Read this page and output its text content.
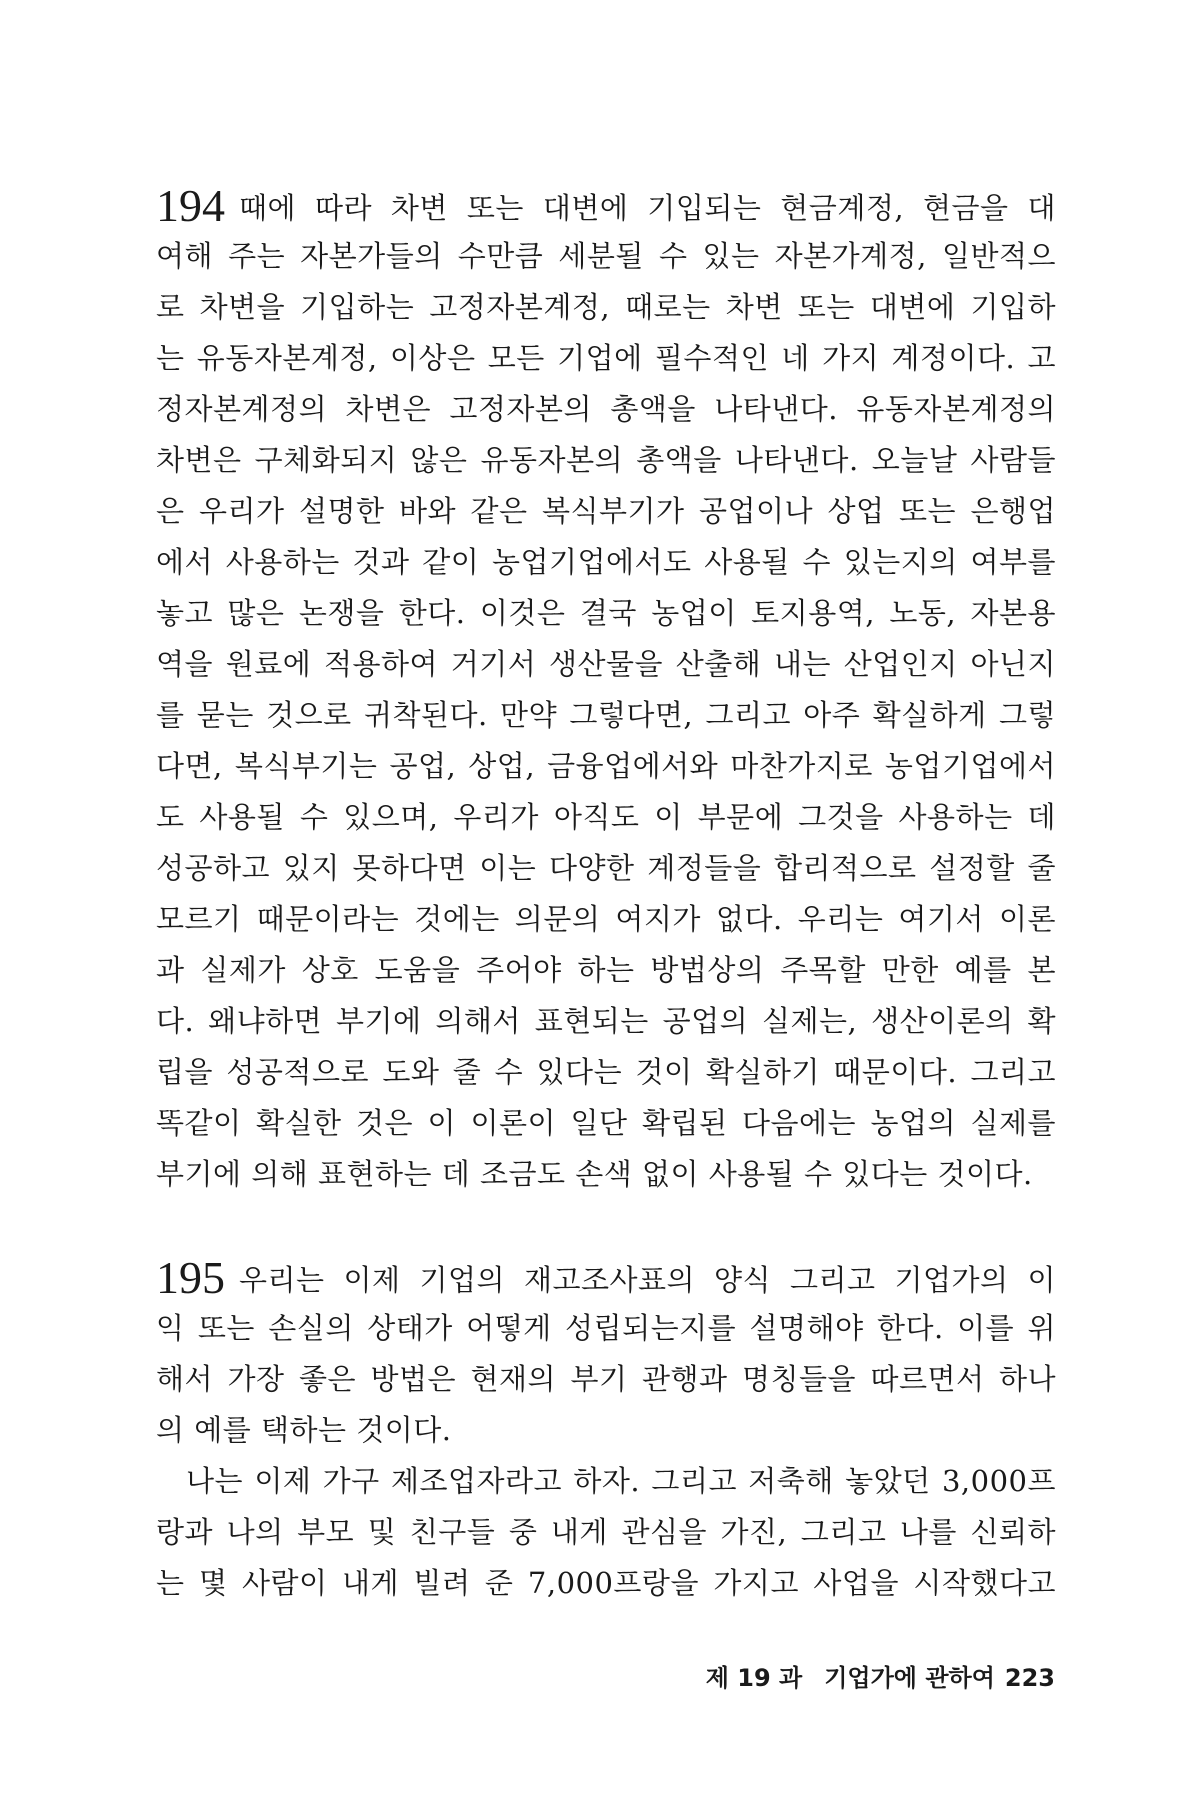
194 때에 따라 차변 또는 대변에 기입되는 현금계정, 현금을 대
여해 주는 자본가들의 수만큼 세분될 수 있는 자본가계정, 일반적으
로 차변을 기입하는 고정자본계정, 때로는 차변 또는 대변에 기입하
는 유동자본계정, 이상은 모든 기업에 필수적인 네 가지 계정이다. 고
정자본계정의 차변은 고정자본의 총액을 나타낸다. 유동자본계정의
차변은 구체화되지 않은 유동자본의 총액을 나타낸다. 오늘날 사람들
은 우리가 설명한 바와 같은 복식부기가 공업이나 상업 또는 은행업
에서 사용하는 것과 같이 농업기업에서도 사용될 수 있는지의 여부를
놓고 많은 논쟁을 한다. 이것은 결국 농업이 토지용역, 노동, 자본용
역을 원료에 적용하여 거기서 생산물을 산출해 내는 산업인지 아닌지
를 묻는 것으로 귀착된다. 만약 그렇다면, 그리고 아주 확실하게 그렇
다면, 복식부기는 공업, 상업, 금융업에서와 마찬가지로 농업기업에서
도 사용될 수 있으며, 우리가 아직도 이 부문에 그것을 사용하는 데
성공하고 있지 못하다면 이는 다양한 계정들을 합리적으로 설정할 줄
모르기 때문이라는 것에는 의문의 여지가 없다. 우리는 여기서 이론
과 실제가 상호 도움을 주어야 하는 방법상의 주목할 만한 예를 본
다. 왜냐하면 부기에 의해서 표현되는 공업의 실제는, 생산이론의 확
립을 성공적으로 도와 줄 수 있다는 것이 확실하기 때문이다. 그리고
똑같이 확실한 것은 이 이론이 일단 확립된 다음에는 농업의 실제를
부기에 의해 표현하는 데 조금도 손색 없이 사용될 수 있다는 것이다.
195 우리는 이제 기업의 재고조사표의 양식 그리고 기업가의 이
익 또는 손실의 상태가 어떻게 성립되는지를 설명해야 한다. 이를 위
해서 가장 좋은 방법은 현재의 부기 관행과 명칭들을 따르면서 하나
의 예를 택하는 것이다.
나는 이제 가구 제조업자라고 하자. 그리고 저축해 놓았던 3,000프
랑과 나의 부모 및 친구들 중 내게 관심을 가진, 그리고 나를 신뢰하
는 몇 사람이 내게 빌려 준 7,000프랑을 가지고 사업을 시작했다고
제 19 과 기업가에 관하여 223
